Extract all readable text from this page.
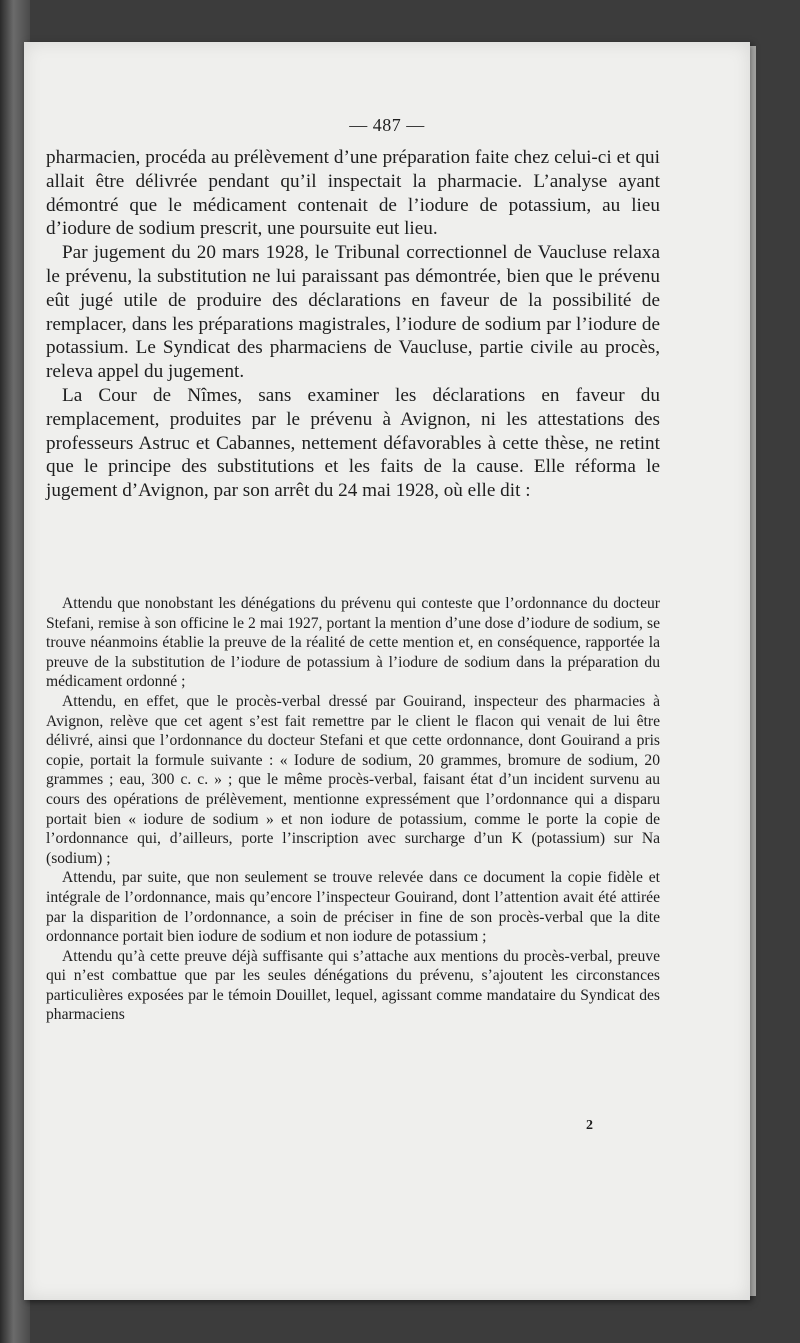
— 487 —

pharmacien, procéda au prélèvement d’une préparation faite chez celui-ci et qui allait être délivrée pendant qu’il inspectait la pharmacie. L’analyse ayant démontré que le médicament contenait de l’iodure de potassium, au lieu d’iodure de sodium prescrit, une poursuite eut lieu.

Par jugement du 20 mars 1928, le Tribunal correctionnel de Vaucluse relaxa le prévenu, la substitution ne lui paraissant pas démontrée, bien que le prévenu eût jugé utile de produire des déclarations en faveur de la possibilité de remplacer, dans les préparations magistrales, l’iodure de sodium par l’iodure de potassium. Le Syndicat des pharmaciens de Vaucluse, partie civile au procès, releva appel du jugement.

La Cour de Nîmes, sans examiner les déclarations en faveur du remplacement, produites par le prévenu à Avignon, ni les attestations des professeurs Astruc et Cabannes, nettement défavorables à cette thèse, ne retint que le principe des substitutions et les faits de la cause. Elle réforma le jugement d’Avignon, par son arrêt du 24 mai 1928, où elle dit :

Attendu que nonobstant les dénégations du prévenu qui conteste que l’ordonnance du docteur Stefani, remise à son officine le 2 mai 1927, portant la mention d’une dose d’iodure de sodium, se trouve néanmoins établie la preuve de la réalité de cette mention et, en conséquence, rapportée la preuve de la substitution de l’iodure de potassium à l’iodure de sodium dans la préparation du médicament ordonné ;

Attendu, en effet, que le procès-verbal dressé par Gouirand, inspecteur des pharmacies à Avignon, relève que cet agent s’est fait remettre par le client le flacon qui venait de lui être délivré, ainsi que l’ordonnance du docteur Stefani et que cette ordonnance, dont Gouirand a pris copie, portait la formule suivante : « Iodure de sodium, 20 grammes, bromure de sodium, 20 grammes ; eau, 300 c. c. » ; que le même procès-verbal, faisant état d’un incident survenu au cours des opérations de prélèvement, mentionne expressément que l’ordonnance qui a disparu portait bien « iodure de sodium » et non iodure de potassium, comme le porte la copie de l’ordonnance qui, d’ailleurs, porte l’inscription avec surcharge d’un K (potassium) sur Na (sodium) ;

Attendu, par suite, que non seulement se trouve relevée dans ce document la copie fidèle et intégrale de l’ordonnance, mais qu’encore l’inspecteur Gouirand, dont l’attention avait été attirée par la disparition de l’ordonnance, a soin de préciser in fine de son procès-verbal que la dite ordonnance portait bien iodure de sodium et non iodure de potassium ;

Attendu qu’à cette preuve déjà suffisante qui s’attache aux mentions du procès-verbal, preuve qui n’est combattue que par les seules dénégations du prévenu, s’ajoutent les circonstances particulières exposées par le témoin Douillet, lequel, agissant comme mandataire du Syndicat des pharmaciens

2
